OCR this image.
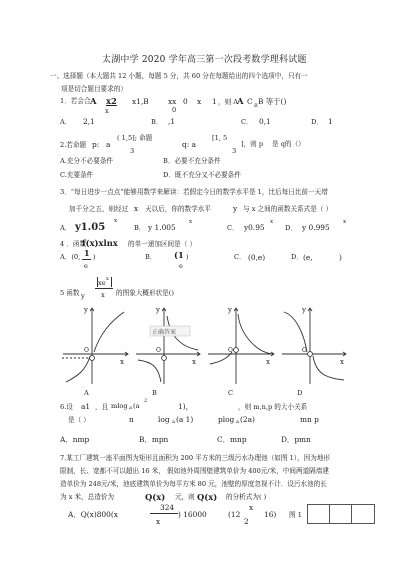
太湖中学 2020 学年高三第一次段考数学理科试题
一、选择题（本大题共 12 小题，每题 5 分，共 60 分在每题给出的四个选项中，只有一
项是切合题目要求的）
1．若会合 A x2
x
x1,B	xx
0
0 x 1 ，则 A
A C R B 等于()
A． 2,1	B． ,1	C． 0,1	D． 1
2.若命题 p: a
( 1,5]; 命题
3
q: a
[1, 5
]，则 p
3
是 q的（）
A.充分不必要条件	B．必要不充分条件
C.充要条件	D．既不充分又不必要条件
3．“每日进步一点点”能够用数学来解读：若假定今日的数学水平是 1，比后每日比前一天增
加千分之五，则经过 x 天以后，你的数学水平	y 与 x 之间的函数关系式是（ ）
A． y1.05
x
B． y 1.005
x
C． y0.95
x
D． y 0.995
x
4 ．函数
f(x)xlnx 的单一递加区间是（ ）
A．(0, 1
e
)	B． (1
e
)	C． (0,e)	D． (e,	)
5 函数 y
xe x
x 的图象大概形状是()
正确答案
y	y	y	y
x	x	x	x
O	O	O	O
A	B	C	D
6.设 a1 ，且 mlog a (a
2
1)，	，则 m,n,p 的大小关系
是（ ）	n	log a (a 1)	plog a (2a)	mn p
A．nmp	B．mpn	C．mnp	D．pmn
7.某工厂建筑一座平面图为矩形且面积为 200 平方米的三级污水办理池（如图 1），因为地形
限制，长、宽都不可以超出 16 米， 假如池外周围壁建筑单价为 400元/米，中间两道隔墙建
造单价为 248元/米，池底建筑单价为每平方米 80 元，池壁的厚度忽视不计．设污水池的长
为 x 米，总造价为	Q(x) 元，则 Q(x) 的分析式为( )
A．Q(x)800(x
324
x
) 16000	(12
x
2
16) 图 1
